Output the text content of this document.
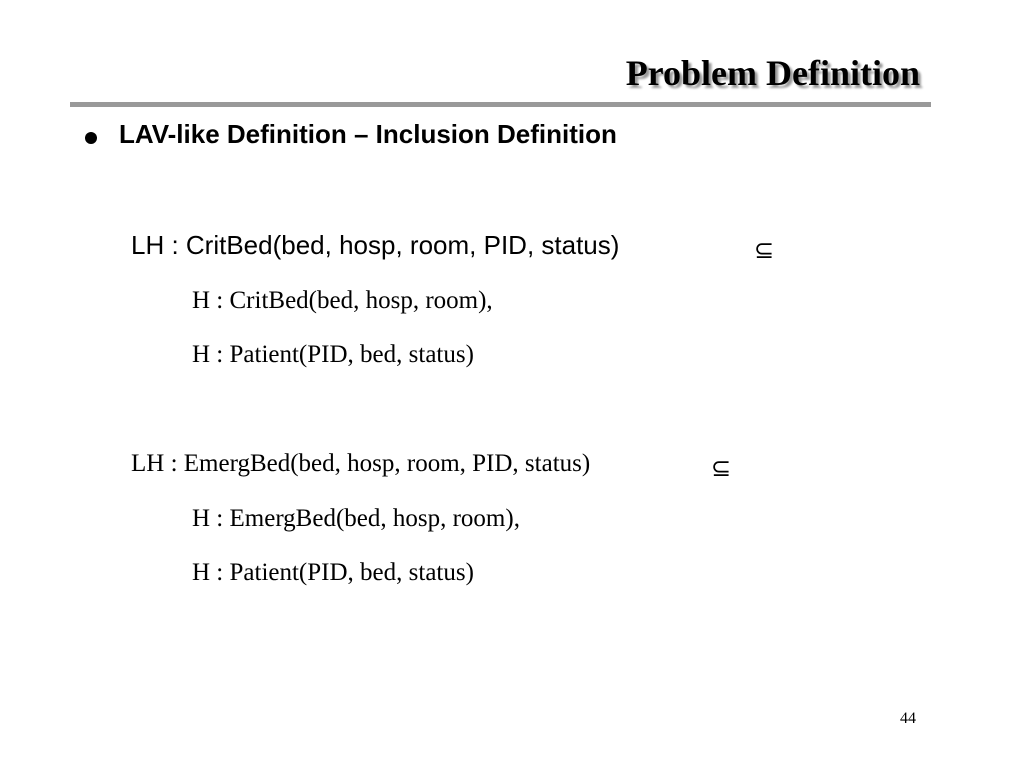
Problem Definition
LAV-like Definition – Inclusion Definition
LH : CritBed(bed, hosp, room, PID, status)	⊆
H : CritBed(bed, hosp, room),
H : Patient(PID, bed, status)
LH : EmergBed(bed, hosp, room, PID, status)	⊆
H : EmergBed(bed, hosp, room),
H : Patient(PID, bed, status)
44
